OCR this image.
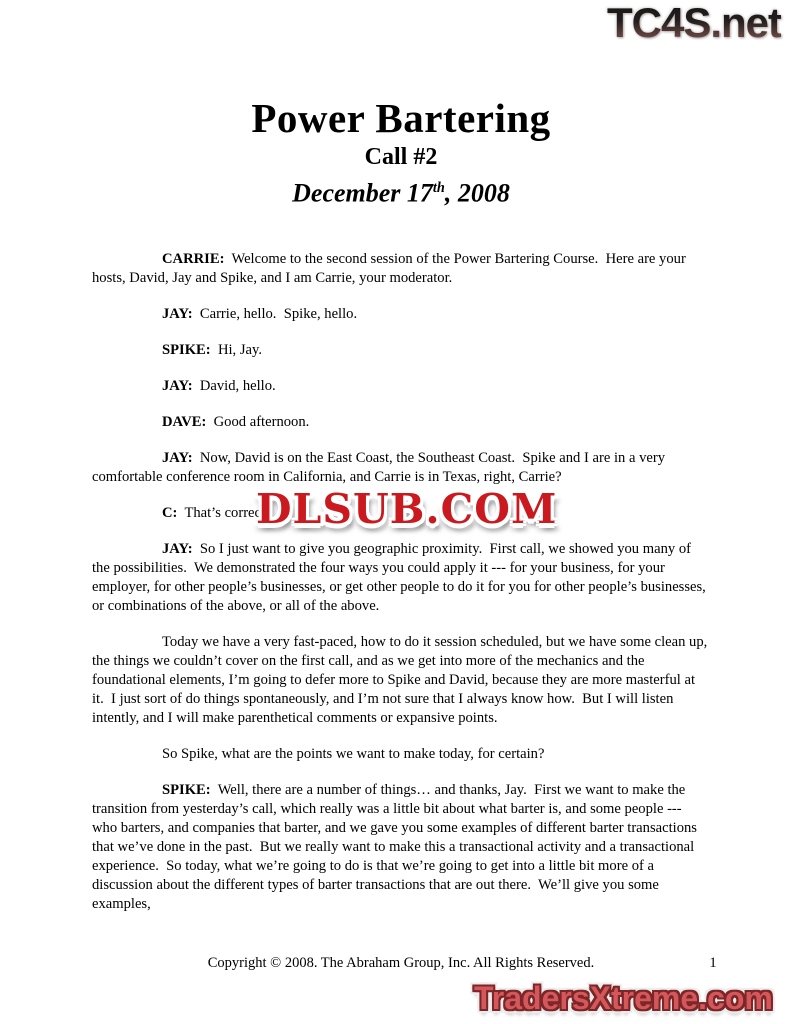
TC4S.net
Power Bartering
Call #2
December 17th, 2008

CARRIE:  Welcome to the second session of the Power Bartering Course.  Here are your hosts, David, Jay and Spike, and I am Carrie, your moderator.

JAY:  Carrie, hello.  Spike, hello.

SPIKE:  Hi, Jay.

JAY:  David, hello.

DAVE:  Good afternoon.

JAY:  Now, David is on the East Coast, the Southeast Coast.  Spike and I are in a very comfortable conference room in California, and Carrie is in Texas, right, Carrie?

C:  That’s correct.

JAY:  So I just want to give you geographic proximity.  First call, we showed you many of the possibilities.  We demonstrated the four ways you could apply it --- for your business, for your employer, for other people’s businesses, or get other people to do it for you for other people’s businesses, or combinations of the above, or all of the above.

Today we have a very fast-paced, how to do it session scheduled, but we have some clean up, the things we couldn’t cover on the first call, and as we get into more of the mechanics and the foundational elements, I’m going to defer more to Spike and David, because they are more masterful at it.  I just sort of do things spontaneously, and I’m not sure that I always know how.  But I will listen intently, and I will make parenthetical comments or expansive points.

So Spike, what are the points we want to make today, for certain?

SPIKE:  Well, there are a number of things… and thanks, Jay.  First we want to make the transition from yesterday’s call, which really was a little bit about what barter is, and some people --- who barters, and companies that barter, and we gave you some examples of different barter transactions that we’ve done in the past.  But we really want to make this a transactional activity and a transactional experience.  So today, what we’re going to do is that we’re going to get into a little bit more of a discussion about the different types of barter transactions that are out there.  We’ll give you some examples,

DLSUB.COM
Copyright © 2008. The Abraham Group, Inc. All Rights Reserved.	1
TradersXtreme.com
